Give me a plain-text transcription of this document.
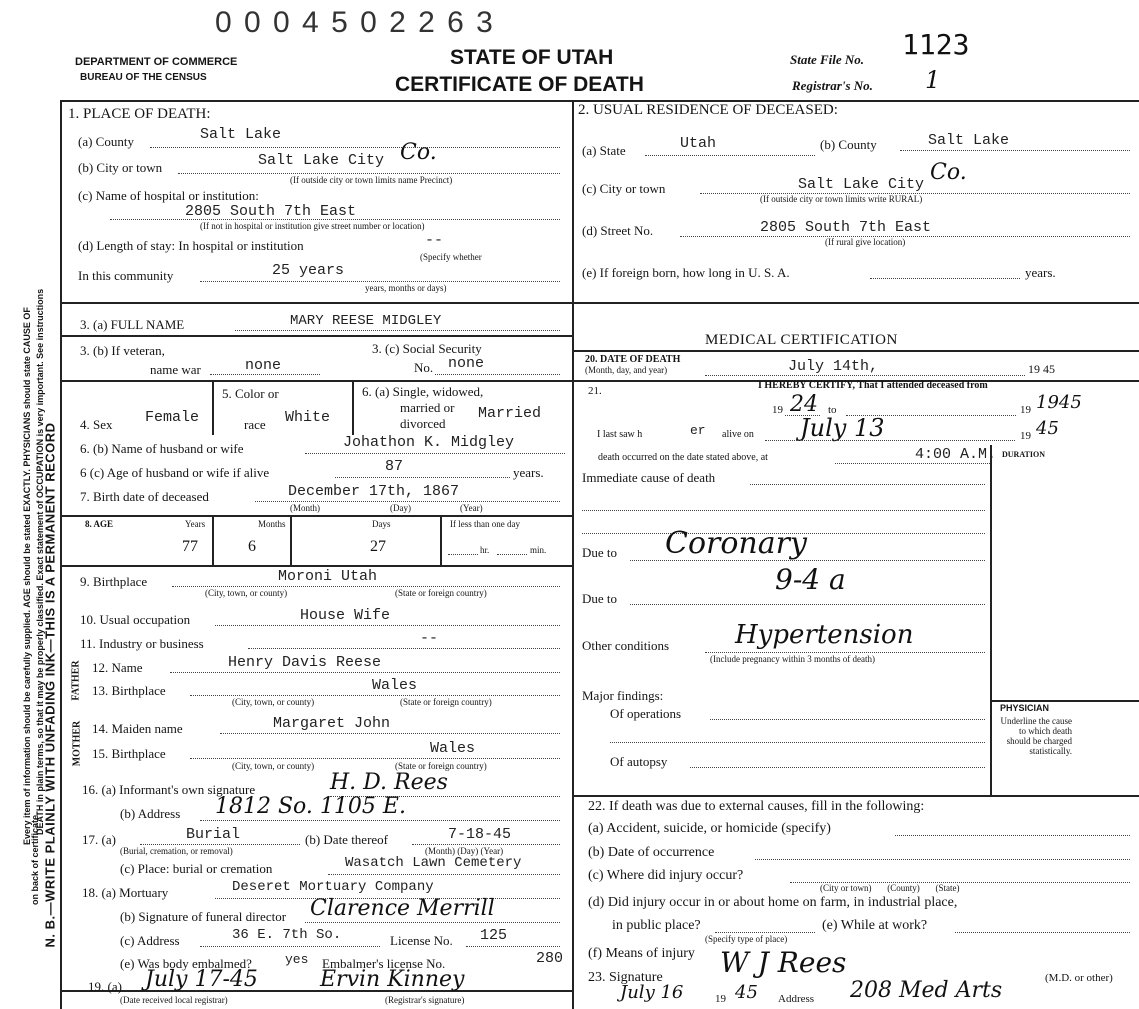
0 0 0 4 5 0 2 2 6 3
DEPARTMENT OF COMMERCE
BUREAU OF THE CENSUS
STATE OF UTAH
CERTIFICATE OF DEATH
State File No. 1123
Registrar's No. 1
N. B.—WRITE PLAINLY WITH UNFADING INK—THIS IS A PERMANENT RECORD
Every item of information should be carefully supplied. AGE should be stated EXACTLY. PHYSICIANS should state CAUSE OF DEATH in plain terms, so that it may be properly classified. Exact statement of OCCUPATION is very important. See instructions
on back of certificate.
1. PLACE OF DEATH:
(a) County	Salt Lake
(b) City or town	Salt Lake City Co.
(If outside city or town limits name Precinct)
(c) Name of hospital or institution:
2805 South 7th East
(If not in hospital or institution give street number or location)
(d) Length of stay: In hospital or institution	--
(Specify whether
In this community	25 years
years, months or days)
2. USUAL RESIDENCE OF DECEASED:
(a) State	Utah	(b) County	Salt Lake
(c) City or town	Salt Lake City Co.
(If outside city or town limits write RURAL)
(d) Street No.	2805 South 7th East
(If rural give location)
(e) If foreign born, how long in U. S. A.	years.
3. (a) FULL NAME	MARY REESE MIDGLEY
3. (b) If veteran,
name war	none
3. (c) Social Security
No. none
4. Sex Female
5. Color or
race White
6. (a) Single, widowed,
married or
divorced
Married
6. (b) Name of husband or wife	Johathon K. Midgley
6 (c) Age of husband or wife if alive	87	years.
7. Birth date of deceased	December 17th, 1867
(Month)	(Day)	(Year)
8. AGE	Years	Months	Days	If less than one day
77	6	27	hr.	min.
9. Birthplace	Moroni Utah
(City, town, or county)	(State or foreign country)
10. Usual occupation	House Wife
11. Industry or business	--
FATHER 12. Name	Henry Davis Reese
13. Birthplace	Wales
(City, town, or county)	(State or foreign country)
MOTHER 14. Maiden name	Margaret John
15. Birthplace	Wales
(City, town, or county)	(State or foreign country)
16. (a) Informant's own signature	H. D. Rees
(b) Address 1812 So. 1105 E.
17. (a)	Burial
(Burial, cremation, or removal)
(b) Date thereof	7-18-45
(Month) (Day) (Year)
(c) Place: burial or cremation	Wasatch Lawn Cemetery
18. (a) Mortuary	Deseret Mortuary Company
(b) Signature of funeral director Clarence Merrill
(c) Address	36 E. 7th So.	License No. 125
(e) Was body embalmed?	yes Embalmer's license No.	280
19. (a) July 17-45	Ervin Kinney
(Date received local registrar)	(Registrar's signature)
MEDICAL CERTIFICATION
20. DATE OF DEATH
(Month, day, and year)	July 14th,	19 45
21.	I HEREBY CERTIFY, That I attended deceased from
19 24 to	19 1945
I last saw h	er alive on July 13	19 45
death occurred on the date stated above, at	4:00 A.M. DURATION
Immediate cause of death
Due to Coronary
9-4 a
Due to
Other conditions	Hypertension
(Include pregnancy within 3 months of death)
Major findings:
Of operations
Of autopsy
PHYSICIAN
Underline the cause to which death should be charged statistically.
22. If death was due to external causes, fill in the following:
(a) Accident, suicide, or homicide (specify)
(b) Date of occurrence
(c) Where did injury occur?
(City or town)       (County)       (State)
(d) Did injury occur in or about home on farm, in industrial place,
in public place?	(e) While at work?
(Specify type of place)
(f) Means of injury W J Rees
23. Signature	(M.D. or other)
July 16	19 45 Address 208 Med Arts
